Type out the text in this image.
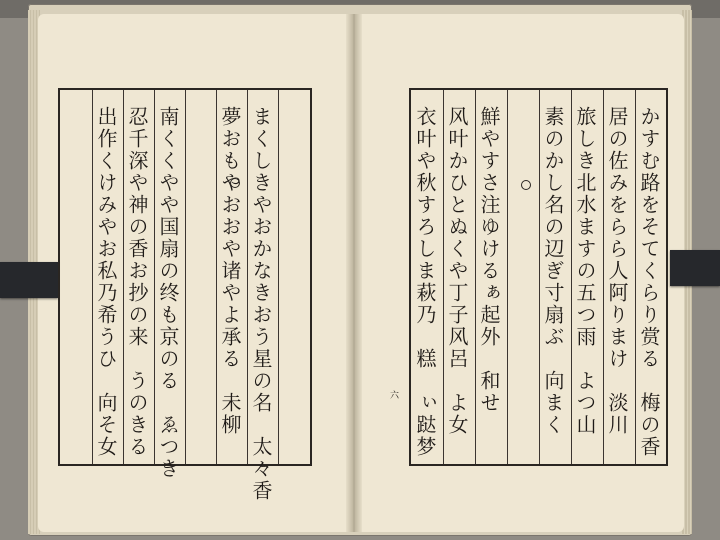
まくしきやおかなきおう星の名　太々香
夢おもやおおや诸やよ承る　未柳
南くくやや国扇の终も京のる　ゑつき
忍千深や神の香お抄の来　うのきる
出作くけみやお私乃希うひ　向そ女	かすむ路をそてくらり赏る　梅の香
居の佐みをらら人阿りまけ　淡川
旅しき北水ますの五つ雨　よつ山
素のかし名の辺ぎ寸扇ぶ　向まく
鮮やすさ注ゆけるぁ起外　和せ
风叶かひとぬくや丁子风呂　よ女
衣叶や秋すろしま萩乃　糕　ぃ跶梦
六
